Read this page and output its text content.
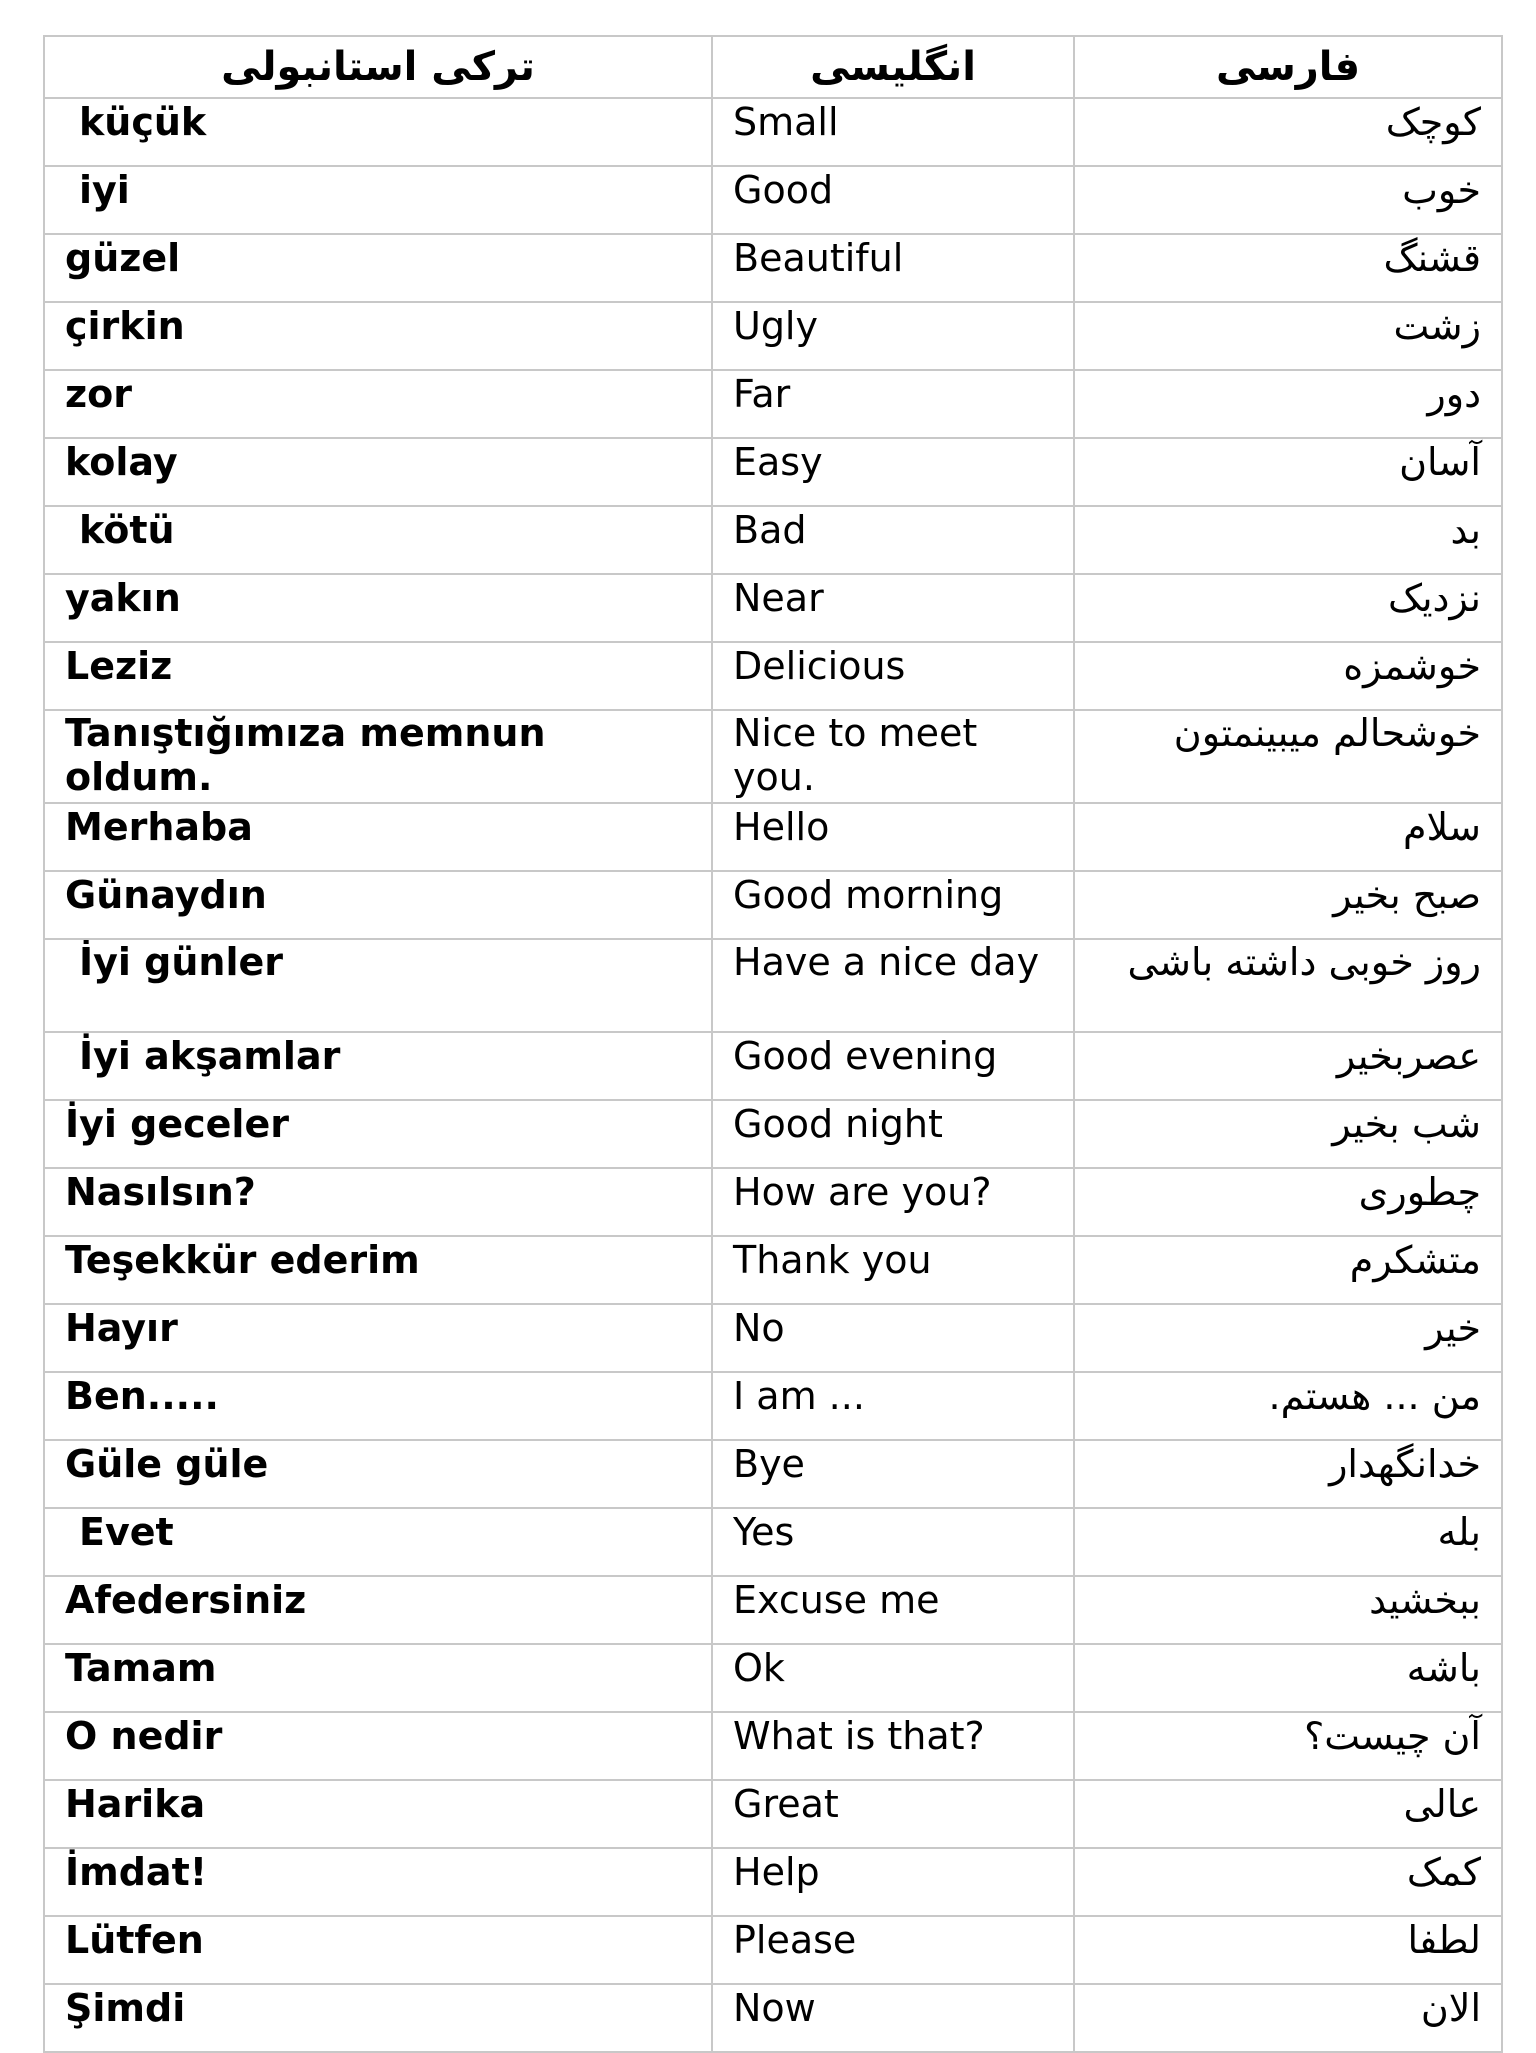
ترکی استانبولی	انگلیسی	فارسی
küçük	Small	کوچک
iyi	Good	خوب
güzel	Beautiful	قشنگ
çirkin	Ugly	زشت
zor	Far	دور
kolay	Easy	آسان
kötü	Bad	بد
yakın	Near	نزدیک
Leziz	Delicious	خوشمزه
Tanıştığımıza memnun oldum.	Nice to meet you.	خوشحالم میبینمتون
Merhaba	Hello	سلام
Günaydın	Good morning	صبح بخیر
İyi günler	Have a nice day	روز خوبی داشته باشی
İyi akşamlar	Good evening	عصربخیر
İyi geceler	Good night	شب بخیر
Nasılsın?	How are you?	چطوری
Teşekkür ederim	Thank you	متشکرم
Hayır	No	خیر
Ben.....	I am ...	من ... هستم.
Güle güle	Bye	خدانگهدار
Evet	Yes	بله
Afedersiniz	Excuse me	ببخشید
Tamam	Ok	باشه
O nedir	What is that?	آن چیست؟
Harika	Great	عالی
İmdat!	Help	کمک
Lütfen	Please	لطفا
Şimdi	Now	الان
